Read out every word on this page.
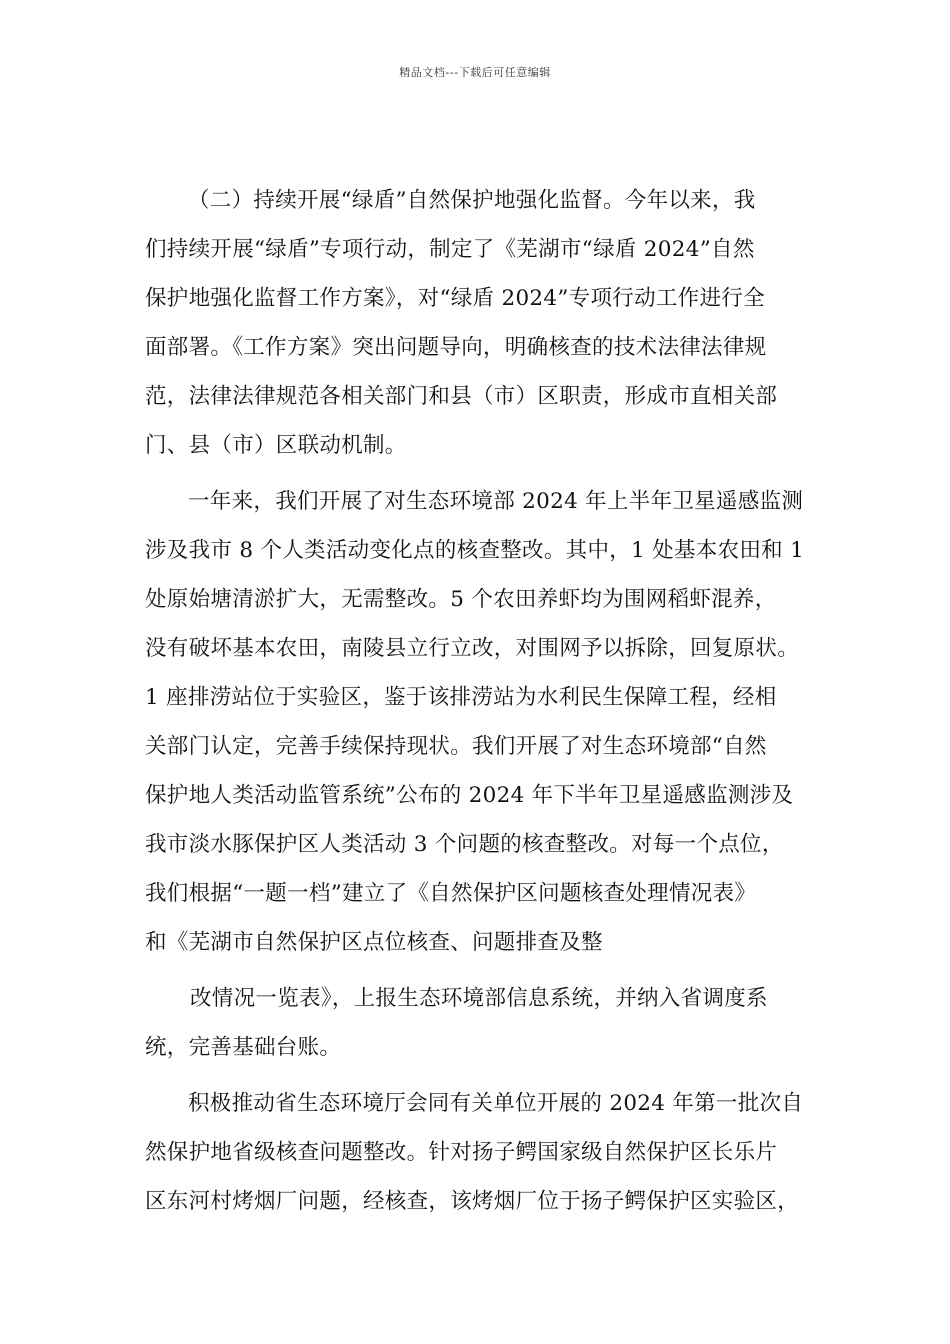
精品文档---下载后可任意编辑
（二）持续开展“绿盾”自然保护地强化监督。今年以来，我
们持续开展“绿盾”专项行动，制定了《芜湖市“绿盾 2024”自然
保护地强化监督工作方案》，对“绿盾 2024”专项行动工作进行全
面部署。《工作方案》突出问题导向，明确核查的技术法律法律规
范，法律法律规范各相关部门和县（市）区职责，形成市直相关部
门、县（市）区联动机制。
一年来，我们开展了对生态环境部 2024 年上半年卫星遥感监测
涉及我市 8 个人类活动变化点的核查整改。其中，1 处基本农田和 1
处原始塘清淤扩大，无需整改。5 个农田养虾均为围网稻虾混养，
没有破坏基本农田，南陵县立行立改，对围网予以拆除，回复原状。
1 座排涝站位于实验区，鉴于该排涝站为水利民生保障工程，经相
关部门认定，完善手续保持现状。我们开展了对生态环境部“自然
保护地人类活动监管系统”公布的 2024 年下半年卫星遥感监测涉及
我市淡水豚保护区人类活动 3 个问题的核查整改。对每一个点位，
我们根据“一题一档”建立了《自然保护区问题核查处理情况表》
和《芜湖市自然保护区点位核查、问题排查及整
改情况一览表》，上报生态环境部信息系统，并纳入省调度系
统，完善基础台账。
积极推动省生态环境厅会同有关单位开展的 2024 年第一批次自
然保护地省级核查问题整改。针对扬子鳄国家级自然保护区长乐片
区东河村烤烟厂问题，经核查，该烤烟厂位于扬子鳄保护区实验区，
